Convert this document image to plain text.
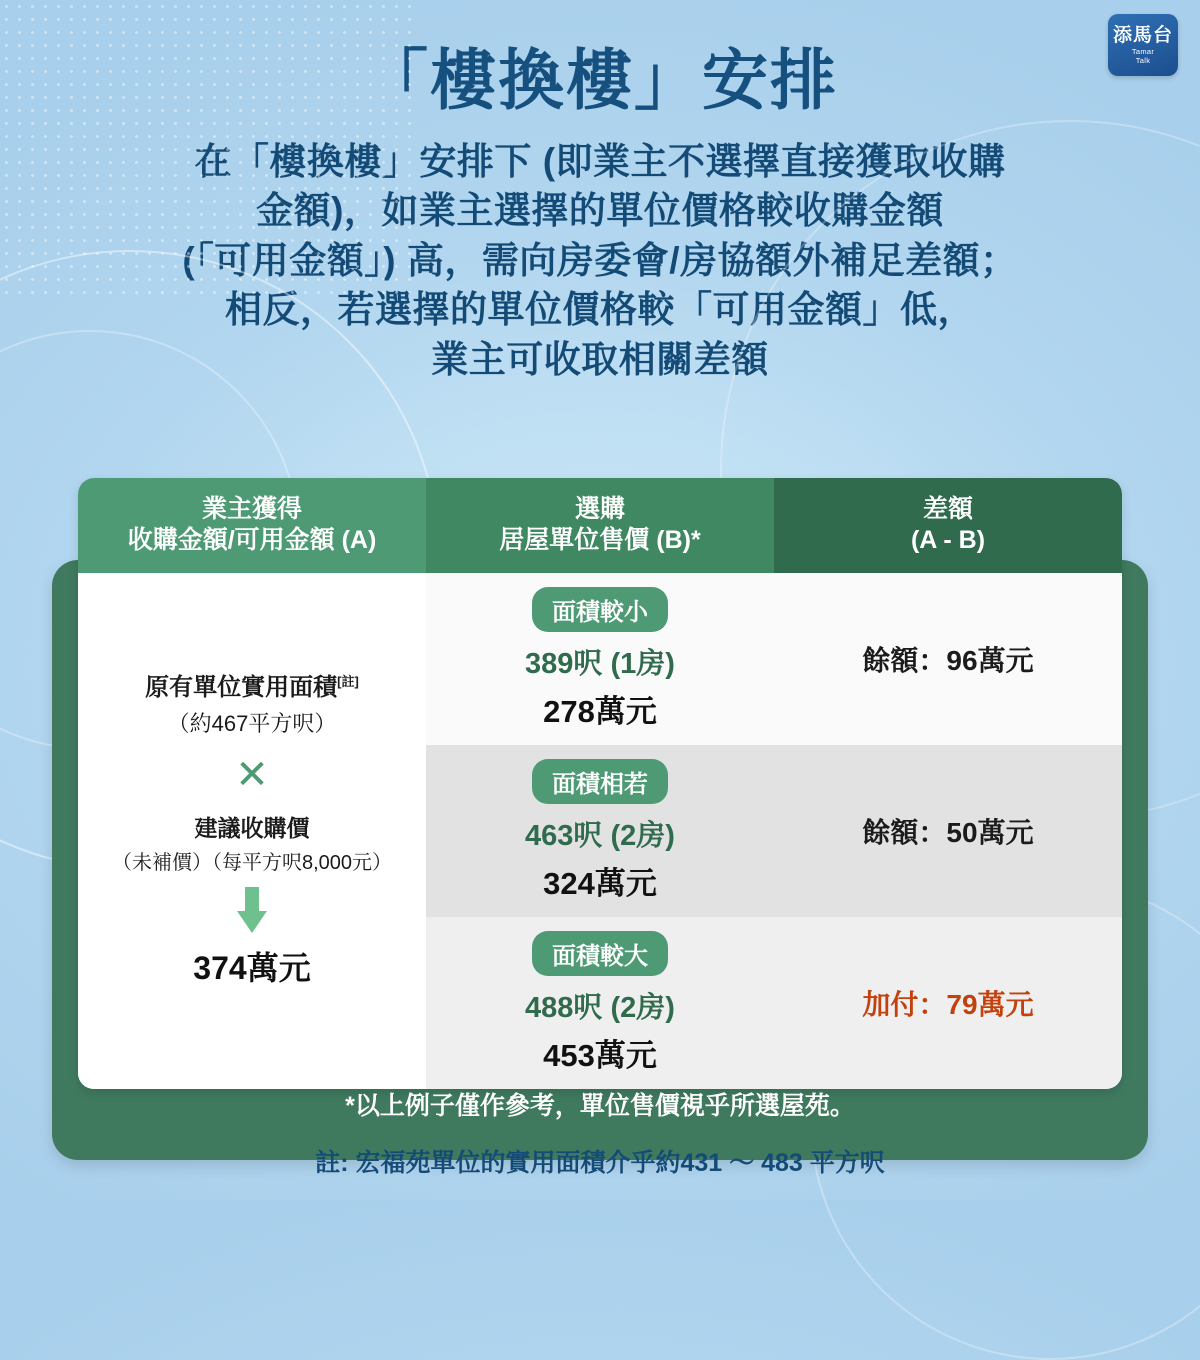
添馬台
Tamar
Talk
「樓換樓」安排
在「樓換樓」安排下 (即業主不選擇直接獲取收購
金額)，如業主選擇的單位價格較收購金額
(「可用金額」) 高，需向房委會/房協額外補足差額；
相反，若選擇的單位價格較「可用金額」低，
業主可收取相關差額
業主獲得
收購金額/可用金額 (A)
選購
居屋單位售價 (B)*
差額
(A - B)
原有單位實用面積[註]
（約467平方呎）
✕
建議收購價
（未補價）（每平方呎8,000元）
374萬元
面積較小
389呎 (1房)
278萬元
面積相若
463呎 (2房)
324萬元
面積較大
488呎 (2房)
453萬元
餘額：96萬元
餘額：50萬元
加付：79萬元
*以上例子僅作參考，單位售價視乎所選屋苑。
註: 宏福苑單位的實用面積介乎約431 ～ 483 平方呎
